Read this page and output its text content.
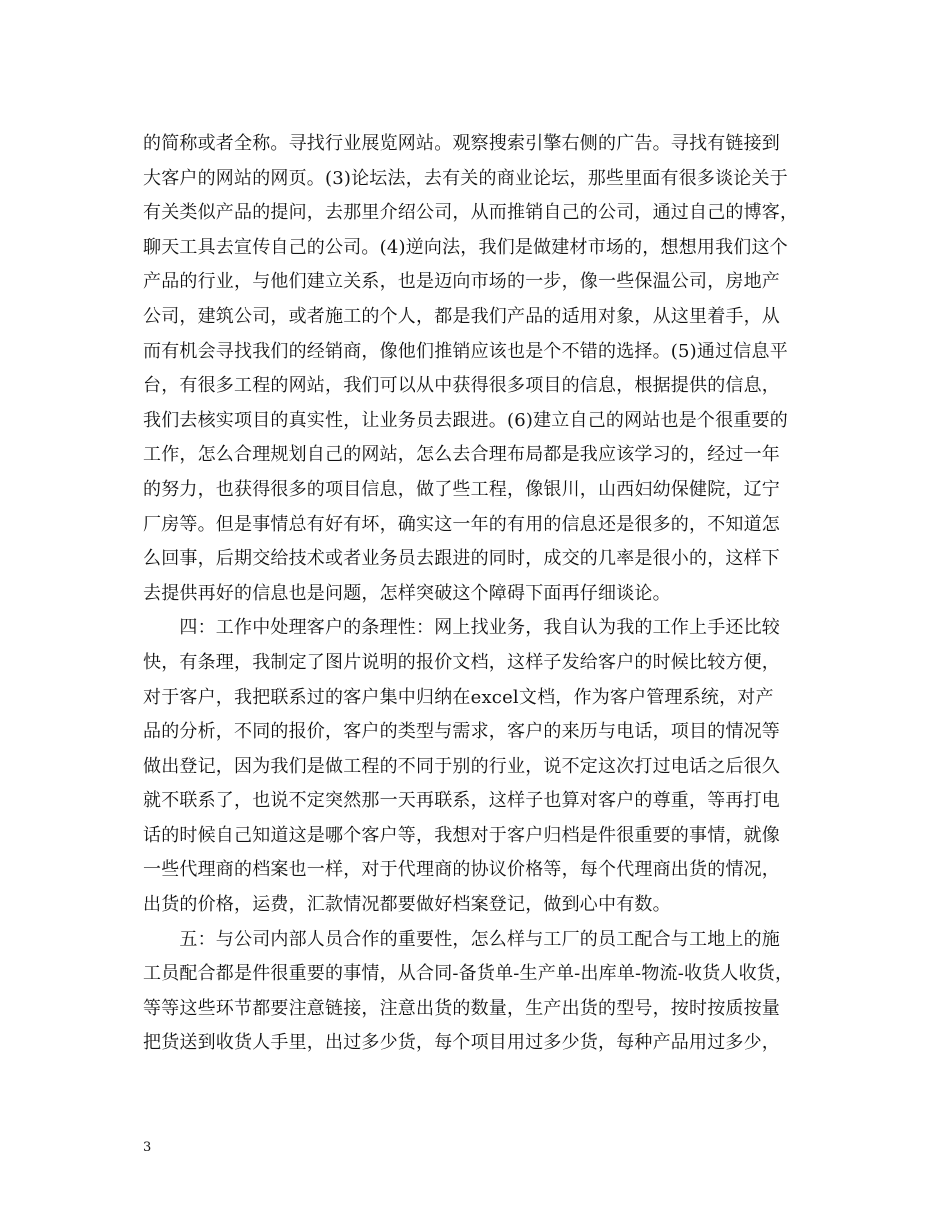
的简称或者全称。寻找行业展览网站。观察搜索引擎右侧的广告。寻找有链接到
大客户的网站的网页。(3)论坛法，去有关的商业论坛，那些里面有很多谈论关于
有关类似产品的提问，去那里介绍公司，从而推销自己的公司，通过自己的博客，
聊天工具去宣传自己的公司。(4)逆向法，我们是做建材市场的，想想用我们这个
产品的行业，与他们建立关系，也是迈向市场的一步，像一些保温公司，房地产
公司，建筑公司，或者施工的个人，都是我们产品的适用对象，从这里着手，从
而有机会寻找我们的经销商，像他们推销应该也是个不错的选择。(5)通过信息平
台，有很多工程的网站，我们可以从中获得很多项目的信息，根据提供的信息，
我们去核实项目的真实性，让业务员去跟进。(6)建立自己的网站也是个很重要的
工作，怎么合理规划自己的网站，怎么去合理布局都是我应该学习的，经过一年
的努力，也获得很多的项目信息，做了些工程，像银川，山西妇幼保健院，辽宁
厂房等。但是事情总有好有坏，确实这一年的有用的信息还是很多的，不知道怎
么回事，后期交给技术或者业务员去跟进的同时，成交的几率是很小的，这样下
去提供再好的信息也是问题，怎样突破这个障碍下面再仔细谈论。
　　四：工作中处理客户的条理性：网上找业务，我自认为我的工作上手还比较
快，有条理，我制定了图片说明的报价文档，这样子发给客户的时候比较方便，
对于客户，我把联系过的客户集中归纳在excel文档，作为客户管理系统，对产
品的分析，不同的报价，客户的类型与需求，客户的来历与电话，项目的情况等
做出登记，因为我们是做工程的不同于别的行业，说不定这次打过电话之后很久
就不联系了，也说不定突然那一天再联系，这样子也算对客户的尊重，等再打电
话的时候自己知道这是哪个客户等，我想对于客户归档是件很重要的事情，就像
一些代理商的档案也一样，对于代理商的协议价格等，每个代理商出货的情况，
出货的价格，运费，汇款情况都要做好档案登记，做到心中有数。
　　五：与公司内部人员合作的重要性，怎么样与工厂的员工配合与工地上的施
工员配合都是件很重要的事情，从合同-备货单-生产单-出库单-物流-收货人收货，
等等这些环节都要注意链接，注意出货的数量，生产出货的型号，按时按质按量
把货送到收货人手里，出过多少货，每个项目用过多少货，每种产品用过多少，
3
